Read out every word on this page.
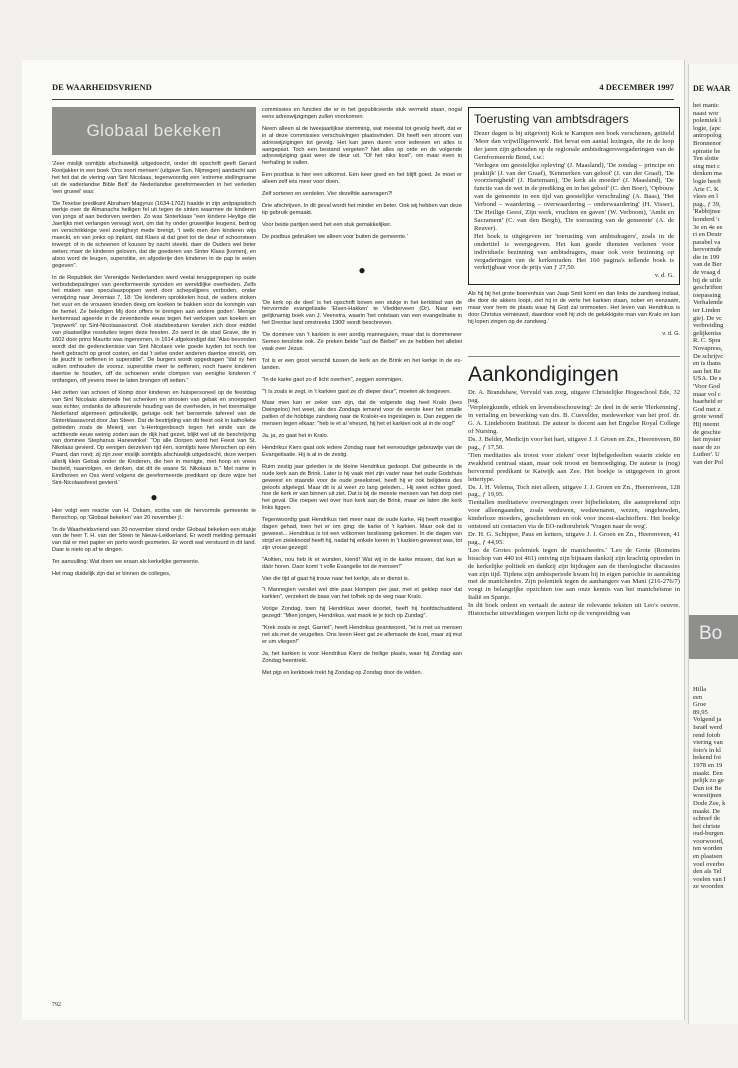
DE WAARHEIDSVRIEND	4 DECEMBER 1997
Globaal bekeken

'Zeer mislijk somtijds afschuwelijk uitgedoscht, onder dit opschrift geeft Gerard Rooijakker in een boek 'Ons soort mensen' (uitgave Sun, Nijmegen) aandacht aan het feit dat de viering van Sint Nicolaas, tegenwoordig een 'extreme stellingname uit de vaderlandse Bible Belt' de Nederlandse gereformeerden in het verleden 'een gruwel' was:

'De Texelse predikant Abraham Magyrus (1634-1702) haalde in zijn antipapistisch werkje over de Almanachs heiligen fel uit tegen de sinten waarmee de kinderen van jongs af aan bedorven werden. Zo was Sinterklaas "een kindere Heylige die Jaerlijks met verlangen verwagt wort, om dat hy onder gruwelijke leugens, bedrog en verschrikkinge veel zoetigheyt mede brengt, 't welk men den kinderen wijs maeckt, en van jonks op inplant, dat Klaes al dat goet tot de deur of schoorsteen inwerpt: of in de schoenen of kousen by nacht steekt, daer de Ouders wel beter weten; maer de kinderen geloven, dat die goederen van Sinter Klaes [komen], en alsoo word de leugen, superstitie, en afgoderije den kinderen in de pap te eeten gegeven".

In de Republiek der Verenigde Nederlanden werd veelal teruggegrepen op oude verbodsbepalingen van gereformeerde synoden en wereldlijke overheden. Zelfs het maken van speculaaspoppen werd door schepslijpers verboden, onder verwijzing naar Jeremias 7, 18: 'De kinderen sprokkelen hout, de vaders stoken het vuur en de vrouwen kneden deeg om koeken te bakken voor de koningin van de hemel. Ze beledigen Mij door offers te brengen aan andere goden'. Menige kerkenraad ageerde in de zeventiende eeuw tegen het verkopen van koeken en "popwerk" op Sint-Nicolaasavond. Ook stadsbesturen kenden zich door middel van plaatselijke resoluties tegen deze feesten. Zo werd in de stad Grave, die in 1602 door prins Maurits was ingenomen, in 1614 afgekondigd dat "Also bevonden wordt dat de gedenckenisse van Sint Nicolaes vele goede luyden tot noch toe heeft gebracht op groot costen, en dat 't selve onder anderen daertoe streckt, om de jeucht te oeffenen in superstitie". De burgers wordt opgedragen "dat sy hen sullen onthouden de voorsz. superstitie meer te oeffenen, noch haere kinderen daertoe te houden, off de schoenen ende clompen van eenighe kinderen t' ontfangen, off yevers meer te laten brengen oft setten."

Het zetten van schoen of klomp door kinderen en huispersoneel op de feestdag van Sint Nicolaas alsmede het schenken en strooien van gebak en snoepgoed was echter, ondanks de afkeurende houding van de overheden, in het toenmalige Nederland algemeen gebruikelijk, getuige ook het beroemde tafereel van de Sinterklaasavond door Jan Steen. Dat de bestrijding van dit feest ook in katholieke gebieden zoals de Meierij van 's-Hertogenbosch tegen het einde van de achttiende eeuw weinig zoden aan de dijk had gezet, blijkt wel uit de beschrijving van dominee Stephanus Hanewinkel: "Op alle Dorpen word het Feest van St. Nikolaas gevierd. Op eenigen derzelven rijd één, somtijds twee Menschen op één Paard, dan rond; zij zijn zeer mislijk somtijds afschuwlijk uitgedoscht, deze werpen allerlij klein Gebak onder de Kinderen, die hen in menigte, met hoop en vrees bezield, naarvolgen, en denken, dat dit de waare St. Nikolaas is." Met name in Eindhoven en Oss werd volgens de gereformeerde predikant op deze wijze het Sint-Nicolaasfeest gevierd.'

●

Hier volgt een reactie van H. Oskam, scriba van de hervormde gemeente te Benschop, op 'Globaal bekeken' van 20 november jl.:

'In de Waarheidsvriend van 20 november stond onder Globaal bekeken een stukje van de heer T. H. van der Steen te Nieuw-Lekkerland. Er wordt melding gemaakt van dat er met papier en porto wordt gesmeten. Er wordt wat verstuurd in dit land. Daar is niets op af te dingen.

Ter aanvulling: Wat doen we eraan als kerkelijke gemeente.

Het mag duidelijk zijn dat er binnen de colleges,

commissies en functies die er in het gepubliceerde stuk vermeld staan, nogal eens adreswijzigingen zullen voorkomen.

Neem alleen al de tweejaarlijkse stemming, wat meestal tot gevolg heeft, dat er in al deze commissies verschuivingen plaatsvinden. Dit heeft een stroom van adreswijzigingen tot gevolg. Het kan jaren duren voor iedereen en alles is aangepast. Toch een bestand vergeten? Net alles op orde en de volgende adreswijziging gaat weer de deur uit. "Of het niks kost", om maar even in herhaling te vallen.

Een postbus is hier een uitkomst. Eén keer goed en het blijft goed. Je moet er alleen zelf iets meer voor doen.

Zelf sorteren en verdelen. Vier dezelfde aanvragen?!

Drie afschrijven. In dit geval wordt het minder en beter. Ook wij hebben van deze tip gebruik gemaakt.

Voor beide partijen werd het een stuk gemakkelijker.

De postbus gebruiken we alleen voor buiten de gemeente.'

●

'De kerk op de deel' is het opschrift boven een stukje in het kerkblad van de hervormde evangelisatie 'Elsen-Hakken' te Vledderveen (Dr). Naar een gelijknamig boek van J. Veenstra, waarin 'het ontstaan van een evangelisatie in het Drentse land omstreeks 1900' wordt beschreven.

'De dominee van 't karkien is een aordig manneguien, maar dat is dommeneer Semeo tenslotte ook. Ze preken beide "uut de Biebel" en ze hebben het allebei vaak over Jezus.

Tot is er een groot verschil tussen de kerk an de Brink en het kerkje in de es-landen.

"In de karke gaot zo d' licht overhen", zeggen sommigen.

"'t Is zoals ie zegt, in 't karkien gaot ze d'r dieper deur", moeten ak toegeven.

Maar men kan er zeker van zijn, dat de volgende dag heel Kralo (lees Dwingeloo) het weet, als des Zondags iemand voor de eerste keer het smalle patlien of de hobbige zandweg naar de Kraloër-es ingeslagen is. Dan zeggen de mensen tegen elkaar: "heb ie et al 'eheurd, hij het et karkien ook al in de oog!"

Ja, ja, zo gaat het in Kralo.

Hendrikus Kiers gaat ook iedere Zondag naar het eenvoudige gebouwtje van de Evangelisatie. Hij is al in de zestig.

Ruim zestig jaar geleden is de kleine Hendrikus gedoopt. Dat gebeurde in de oude kerk aan de Brink. Later is hij vaak met zijn vader naar het oude Godshuis geweest en staande voor de oude preekstoel, heeft hij er ook belijdenis des geloofs afgelegd. Maar dit is al weer zo lang geleden... Hij weet echter goed, hoe de kerk er van binnen uit ziet. Dat is bij de meeste mensen van het dorp niet het geval. Die roepen wel over hun kerk aan de Brink, maar ze laten die kerk links liggen.

Tegenwoordig gaat Hendrikus niet meer naar de oude karke. Hij heeft moeilijke dagen gehad, toen het er om ging: de karke of 't karkien. Maar ook dat is geweest... Hendrikus is tot een volkomen beslissing gekomen. In die dagen van strijd en zieleknood heeft hij, nadat hij enkele keren in 't karkien geweest was, tot zijn vrouw gezegd:

"Aoltien, nou heb ik et wunden, kiend! Wat wij in de karke missen, dat kun ie dáór horen. Daor komt 't volle Evangelie tot de mensen!"

Van die tijd af gaat hij trouw naar het kerkje, als er dienst is.

"t Mannegien versliet wel drie paar klompen per jaar, met et geklep naor dat karkien", verzekert de baas van het tolhek op de weg naar Kralo.

Vorige Zondag, toen hij Hendrikus weer doortet, heeft hij hoofdschuddend gezegd: "Mien jongen, Hendrikus, wat maok ie je toch op Zundag".

"Krek zoals ie zegt, Garriet", heeft Hendrikus geantwoord, "et is met us mensen net als met de veugeltes. Ons leven Heer gat ze allemaole de kost, maar zij mut er um vliegen!"

Ja, het karkien is voor Hendrikus Kiers de heilige plaats, waar hij Zondag aan Zondag heentrekt.

Met pijp en kerkboek trekt hij Zondag op Zondag door de velden.

Toerusting van ambtsdragers

Dezer dagen is bij uitgeverij Kok te Kampen een boek verschenen, getiteld 'Meer dan vrijwilligerswerk'. Het bevat een aantal lezingen, die in de loop der jaren zijn gehouden op de regionale ambtsdragersvergaderingen van de Gereformeerde Bond, t.w.:

'Verlegen om geestelijke opleving' (J. Maasland), 'De zondag – principe en praktijk' (J. van der Graaf), 'Kenmerken van geloof' (J. van der Graaf), 'De voorzienigheid' (J. Hartemam), 'De kerk als moeder' (J. Maasland), 'De functie van de wet in de prediking en in het geloof' (C. den Boer), 'Opbouw van de gemeente in een tijd van geestelijke verschraling' (A. Baas), 'Het Verbond – waardering – overwaardering – onderwaardering' (H. Visser), 'De Heilige Geest, Zijn werk, vruchten en gaven' (W. Verboom), 'Ambt en Sacrament' (C. van den Bergh), 'De toerusting van de gemeente' (A. de Reuver).

Het boek is uitgegeven ter 'toerusting van ambtsdragers', zoals in de ondertitel is weergegeven. Het kan goede diensten verlenen voor individuele bezinning van ambtsdragers, maar ook voor bezinning op vergaderingen van de kerkenraden. Het 160 pagina's tellende boek is verkrijgbaar voor de prijs van ƒ 27,50.

v. d. G.

Als hij bij het grote boerenhuis van Jaap Smit komt en dan links de zandweg inslaat, die door de akkers loopt, ziet hij in de verte het karkien staan, sober en eenzaam, maar voor hem de plaats waar hij God zal ontmoeten. Het leven van Hendrikus is door Christus vernieuwd, daardoor voelt hij zich de gelukkigste man van Kralo en kan hij lopen zingen op de zandweg.'

v. d. G.
Aankondigingen

Dr. A. Brandshaw, Vervuld van zorg, uitgave Christelijke Hogeschool Ede, 32 pag.

'Verpleegkunde, ethiek en levensbeschouwing': 2e deel in de serie 'Herkenning', in vertaling en bewerking van drs. B. Cusvelder, medewerker van het prof. dr. G. A. Lindeboom Instituut. De auteur is docent aan het Engelse Royal College of Nursing.

Ds. J. Belder, Medicijn voor het hart, uitgave J. J. Groen en Zn., Heerenveen, 80 pag., ƒ 17,50.

'Tien meditaties als troost voor zieken' over bijbelgedeelten waarin ziekte en zwakheid centraal staan, maar ook troost en bemoediging. De auteur is (nog) hervormd predikant te Katwijk aan Zee. Het boekje is uitgegeven in groot lettertype.

Ds. J. H. Velema, Toch niet alleen, uitgave J. J. Groen en Zn., Heerenveen, 128 pag., ƒ 19,95.

Tientallen meditatieve overwegingen over bijbelteksten, die aansprekend zijn voor alleengaanden, zoals weduwen, weduwnaren, wezen, ongehuwden, kinderloze moeders, gescheidenen en ook voor incest-slachtoffers. Het boekje ontstond uit contacten via de EO-radiorubriek 'Vragen naar de weg'.

Dr. H. G. Schipper, Paus en ketters, uitgave J. J. Groen en Zn., Heerenveen, 41 pag., ƒ 44,95.

'Leo de Grotes polemiek tegen de manicheeërs.' 'Leo de Grote (Romeins bisschop van 440 tot 461) ontving zijn bijnaam dankzij zijn krachtig optreden in de kerkelijke politiek en dankzij zijn bijdragen aan de theologische discussies van zijn tijd. Tijdens zijn ambtsperiode kwam hij in eigen parochie in aanraking met de manicheeërs. Zijn polemiek tegen de aanhangers van Mani (216-276/7) voegt in belangrijke opzichten toe aan onze kennis van het manicheïsme in Italië en Spanje.

In dit boek ordent en vertaalt de auteur de relevante teksten uit Leo's oeuvre. Historische uitweidingen werpen licht op de verspreiding van

792
DE WAAR
het manic
naast wor
polemiek l
logie, (apc
antropolog
Bronnenor
spiratie he
Ten slotte
sing met c
denken ma
logie heeft
Arie C. K
vlees en l
pag., ƒ 39,
'Rabbijnse
honderd 'ı
3e en 4e ee
ri en Deutr
parabel va
hervormde
die in 199
van de Ber
de vraag d
bij de uitle
geschriften
toepassing
Verhalende
ter Linden
gie). De vc
verbreiding
gelijkeniss
R. C. Spra
Novapress,
De schrijvc
en is thans
aan het Re
USA. De s
'Voor God
maar vol c
baarheid er
God met z
grote wond
Hij neemt
de geschie
het myster
naar de zo
Luther'. U
van der Pol
Bo
Hilla
een
Groe
89,95
Volgend ja
Israël werd
rend fotob
viering van
foto's in kl
bekend foi
1978 en 19
maakt. Een
pelijk zo ge
Dan tot Be
woestijnen
Dode Zee, k
maakt. De
schreef de
het christe
oud-burgen
voorwoord,
ten worden
en plaatsen
voel overbo
den als Tel
voelen van I
ze woorden
